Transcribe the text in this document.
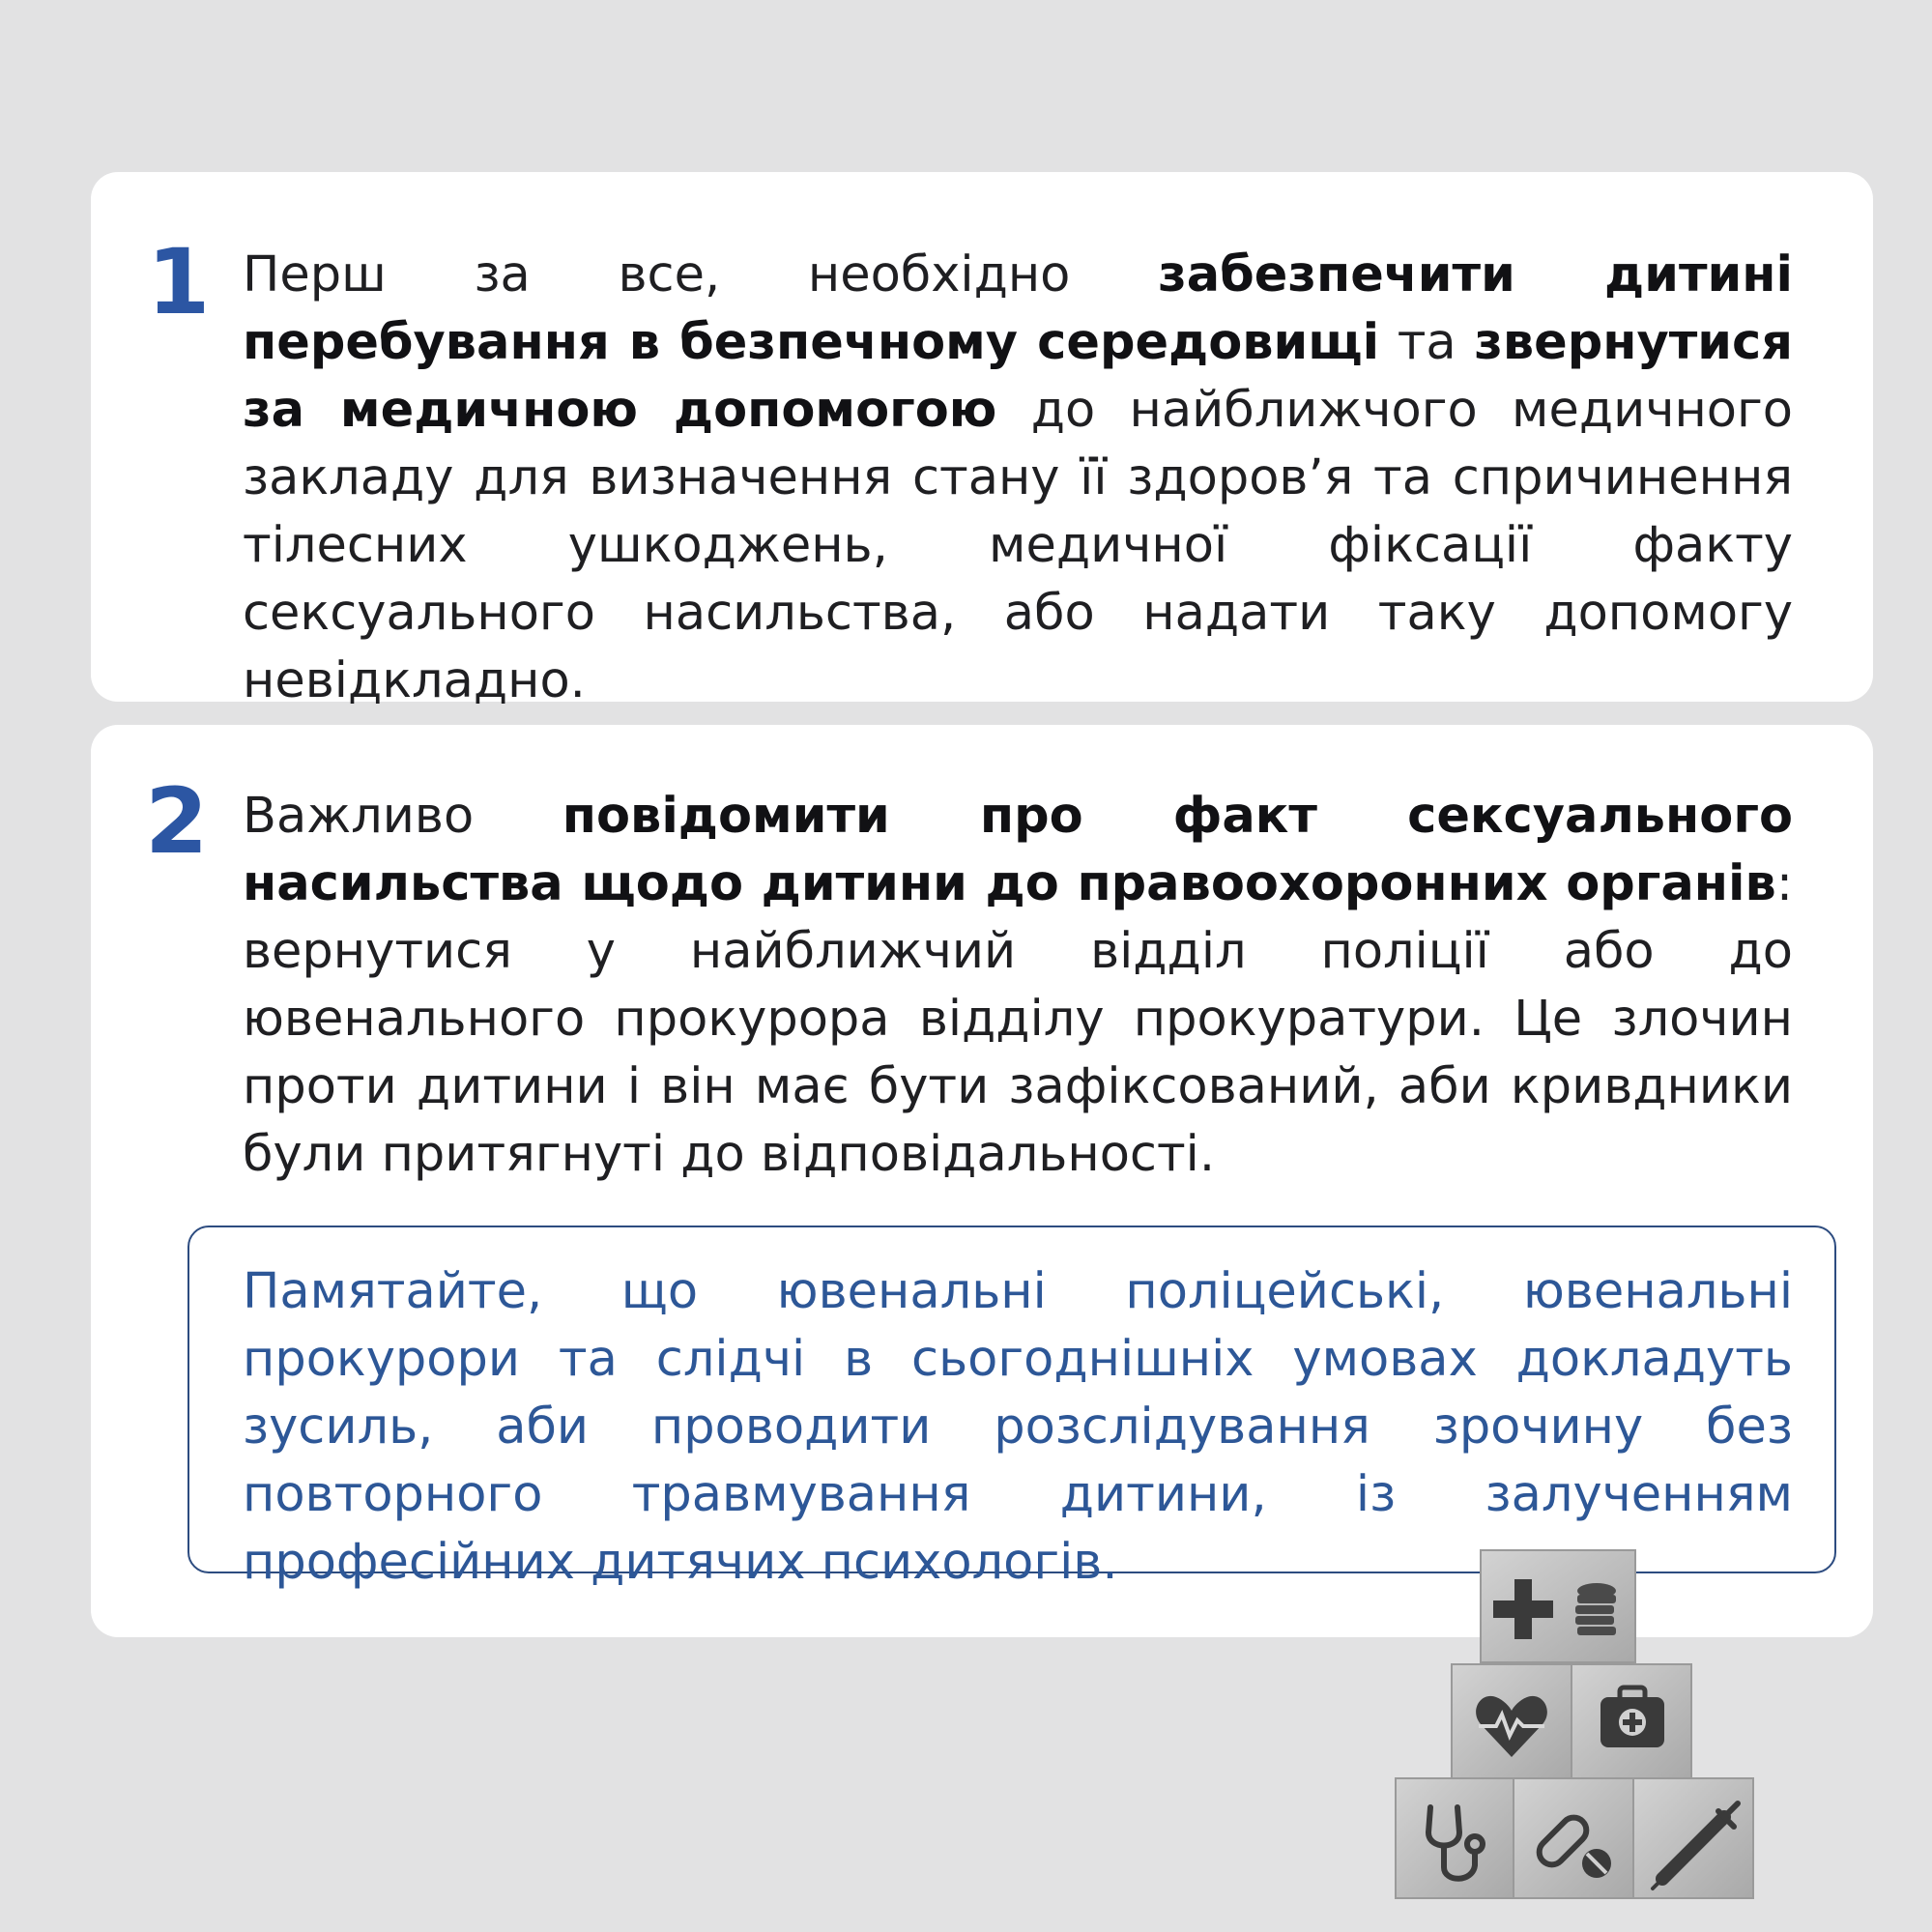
1 Перш за все, необхідно забезпечити дитині перебування в безпечному середовищі та звернутися за медичною допомогою до найближчого медичного закладу для визначення стану її здоров’я та спричинення тілесних ушкоджень, медичної фіксації факту сексуального насильства, або надати таку допомогу невідкладно.

2 Важливо повідомити про факт сексуального насильства щодо дитини до правоохоронних органів: вернутися у найближчий відділ поліції або до ювенального прокурора відділу прокуратури. Це злочин проти дитини і він має бути зафіксований, аби кривдники були притягнуті до відповідальності.

Памятайте, що ювенальні поліцейські, ювенальні прокурори та слідчі в сьогоднішніх умовах докладуть зусиль, аби проводити розслідування зрочину без повторного травмування дитини, із залученням професійних дитячих психологів.
